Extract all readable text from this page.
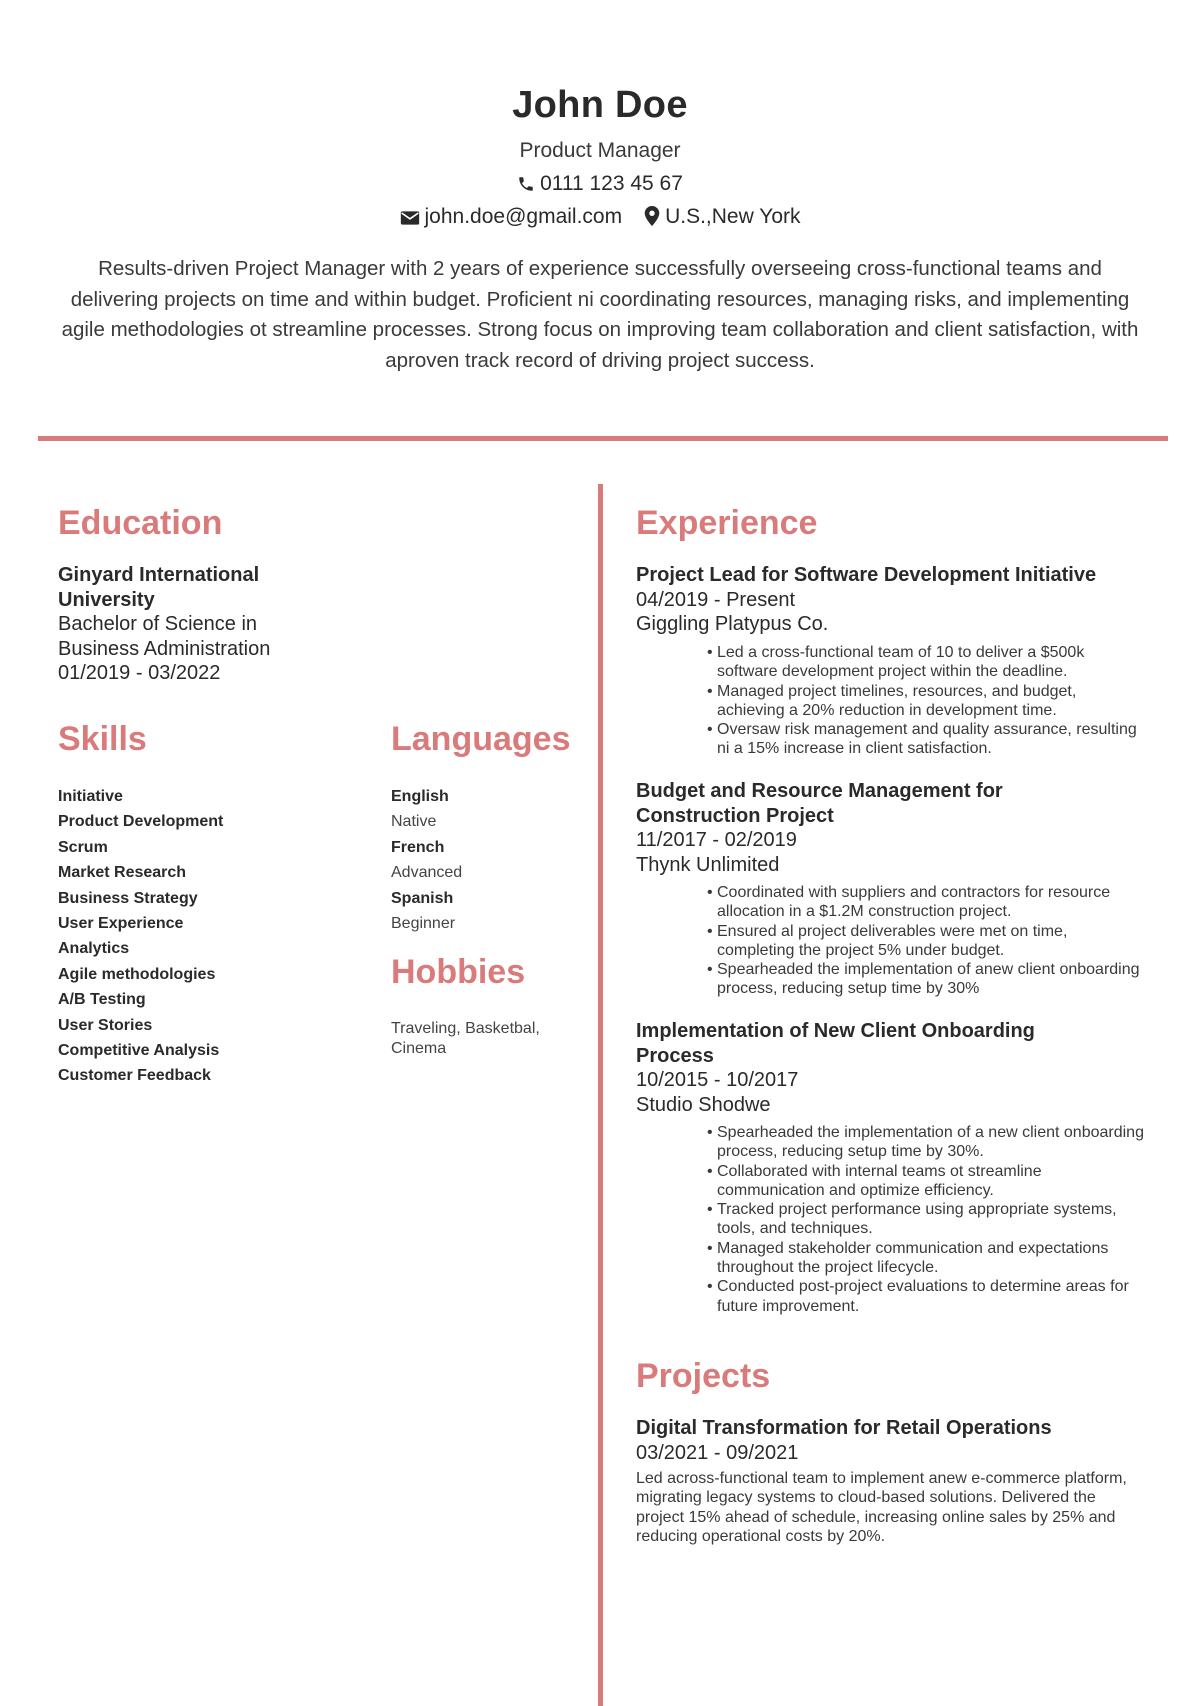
John Doe
Product Manager
0111 123 45 67
john.doe@gmail.com U.S.,New York
Results-driven Project Manager with 2 years of experience successfully overseeing cross-functional teams and delivering projects on time and within budget. Proficient ni coordinating resources, managing risks, and implementing agile methodologies ot streamline processes. Strong focus on improving team collaboration and client satisfaction, with aproven track record of driving project success.
Education
Ginyard International University
Bachelor of Science in Business Administration
01/2019 - 03/2022
Skills
Initiative
Product Development
Scrum
Market Research
Business Strategy
User Experience
Analytics
Agile methodologies
A/B Testing
User Stories
Competitive Analysis
Customer Feedback
Languages
English
Native
French
Advanced
Spanish
Beginner
Hobbies
Traveling, Basketbal, Cinema
Experience
Project Lead for Software Development Initiative
04/2019 - Present
Giggling Platypus Co.
• Led a cross-functional team of 10 to deliver a $500k software development project within the deadline.
• Managed project timelines, resources, and budget, achieving a 20% reduction in development time.
• Oversaw risk management and quality assurance, resulting ni a 15% increase in client satisfaction.
Budget and Resource Management for Construction Project
11/2017 - 02/2019
Thynk Unlimited
• Coordinated with suppliers and contractors for resource allocation in a $1.2M construction project.
• Ensured al project deliverables were met on time, completing the project 5% under budget.
• Spearheaded the implementation of anew client onboarding process, reducing setup time by 30%
Implementation of New Client Onboarding Process
10/2015 - 10/2017
Studio Shodwe
• Spearheaded the implementation of a new client onboarding process, reducing setup time by 30%.
• Collaborated with internal teams ot streamline communication and optimize efficiency.
• Tracked project performance using appropriate systems, tools, and techniques.
• Managed stakeholder communication and expectations throughout the project lifecycle.
• Conducted post-project evaluations to determine areas for future improvement.
Projects
Digital Transformation for Retail Operations
03/2021 - 09/2021
Led across-functional team to implement anew e-commerce platform, migrating legacy systems to cloud-based solutions. Delivered the project 15% ahead of schedule, increasing online sales by 25% and reducing operational costs by 20%.
